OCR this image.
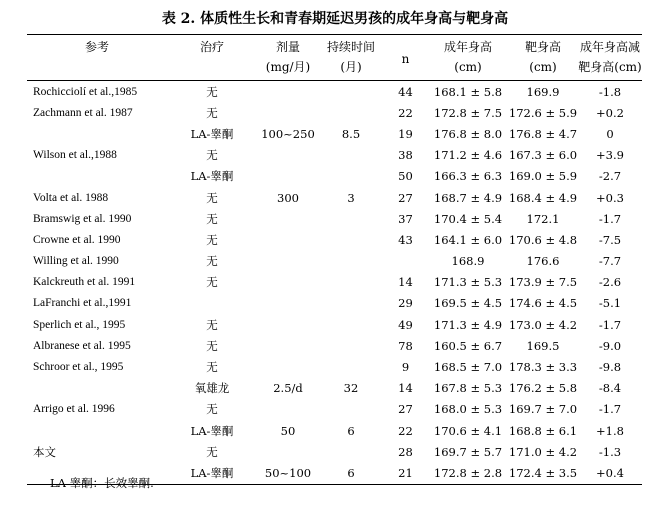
表 2. 体质性生长和青春期延迟男孩的成年身高与靶身高
参考	治疗	剂量	持续时间	n	成年身高	靶身高	成年身高减
		(mg/月)	(月)		(cm)	(cm)	靶身高(cm)
Rochicciolí et al.,1985	无			44	168.1 ± 5.8	169.9	-1.8
Zachmann et al. 1987	无			22	172.8 ± 7.5	172.6 ± 5.9	+0.2
	LA-睾酮	100~250	8.5	19	176.8 ± 8.0	176.8 ± 4.7	0
Wilson et al.,1988	无			38	171.2 ± 4.6	167.3 ± 6.0	+3.9
	LA-睾酮			50	166.3 ± 6.3	169.0 ± 5.9	-2.7
Volta et al. 1988	无	300	3	27	168.7 ± 4.9	168.4 ± 4.9	+0.3
Bramswig et al. 1990	无			37	170.4 ± 5.4	172.1	-1.7
Crowne et al. 1990	无			43	164.1 ± 6.0	170.6 ± 4.8	-7.5
Willing et al. 1990	无				168.9	176.6	-7.7
Kalckreuth et al. 1991	无			14	171.3 ± 5.3	173.9 ± 7.5	-2.6
LaFranchi et al.,1991				29	169.5 ± 4.5	174.6 ± 4.5	-5.1
Sperlich et al., 1995	无			49	171.3 ± 4.9	173.0 ± 4.2	-1.7
Albranese et al. 1995	无			78	160.5 ± 6.7	169.5	-9.0
Schroor et al., 1995	无			9	168.5 ± 7.0	178.3 ± 3.3	-9.8
	氧雄龙	2.5/d	32	14	167.8 ± 5.3	176.2 ± 5.8	-8.4
Arrigo et al. 1996	无			27	168.0 ± 5.3	169.7 ± 7.0	-1.7
	LA-睾酮	50	6	22	170.6 ± 4.1	168.8 ± 6.1	+1.8
本文	无			28	169.7 ± 5.7	171.0 ± 4.2	-1.3
	LA-睾酮	50~100	6	21	172.8 ± 2.8	172.4 ± 3.5	+0.4
LA 睾酮：长效睾酮.
